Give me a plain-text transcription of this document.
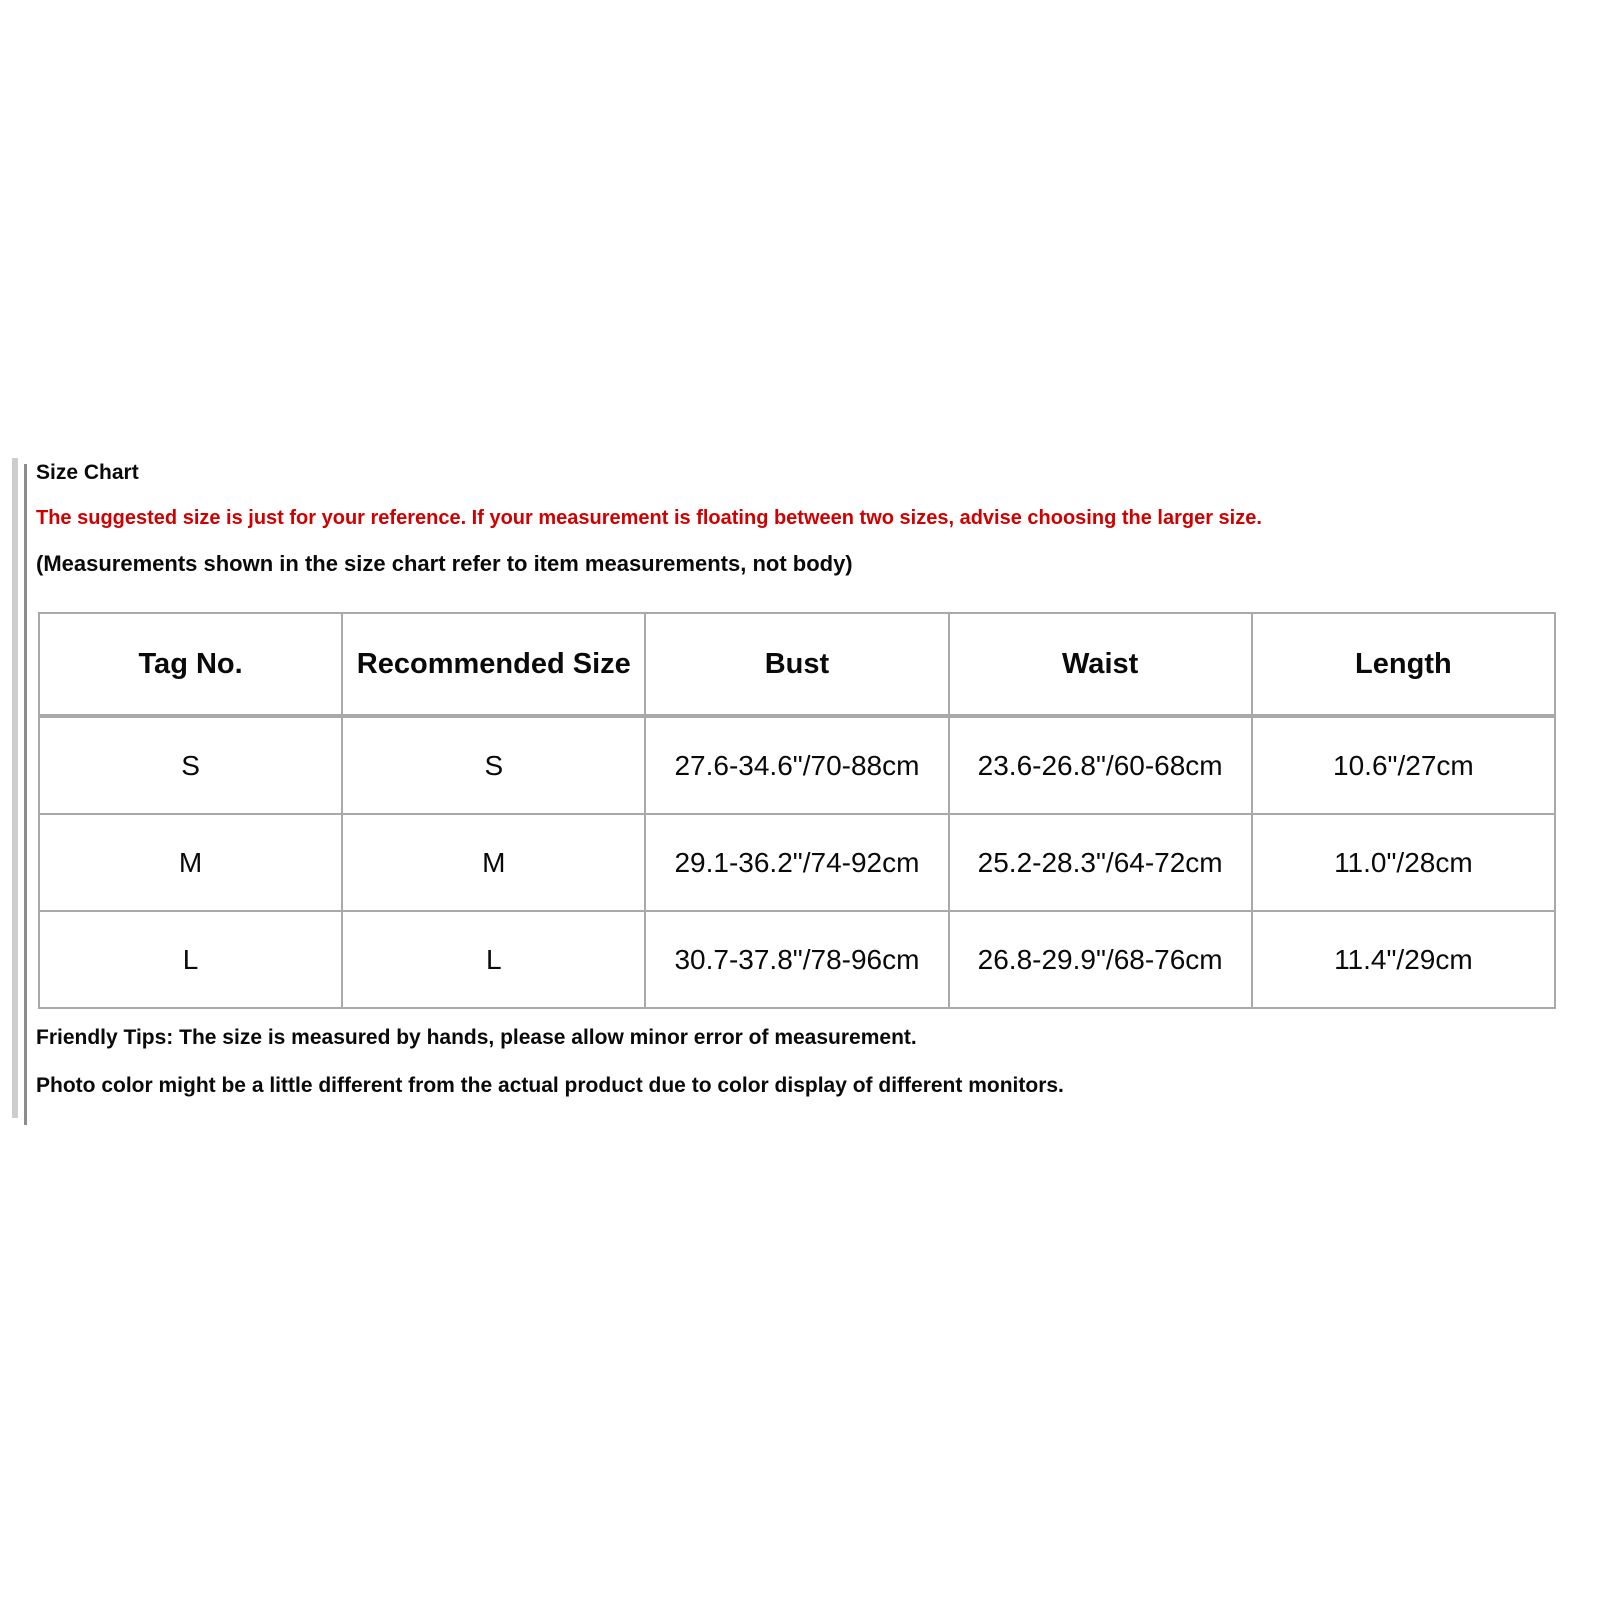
Size Chart
The suggested size is just for your reference. If your measurement is floating between two sizes, advise choosing the larger size.
(Measurements shown in the size chart refer to item measurements, not body)
Tag No.	Recommended Size	Bust	Waist	Length
S	S	27.6-34.6"/70-88cm	23.6-26.8"/60-68cm	10.6"/27cm
M	M	29.1-36.2"/74-92cm	25.2-28.3"/64-72cm	11.0"/28cm
L	L	30.7-37.8"/78-96cm	26.8-29.9"/68-76cm	11.4"/29cm
Friendly Tips: The size is measured by hands, please allow minor error of measurement.
Photo color might be a little different from the actual product due to color display of different monitors.
